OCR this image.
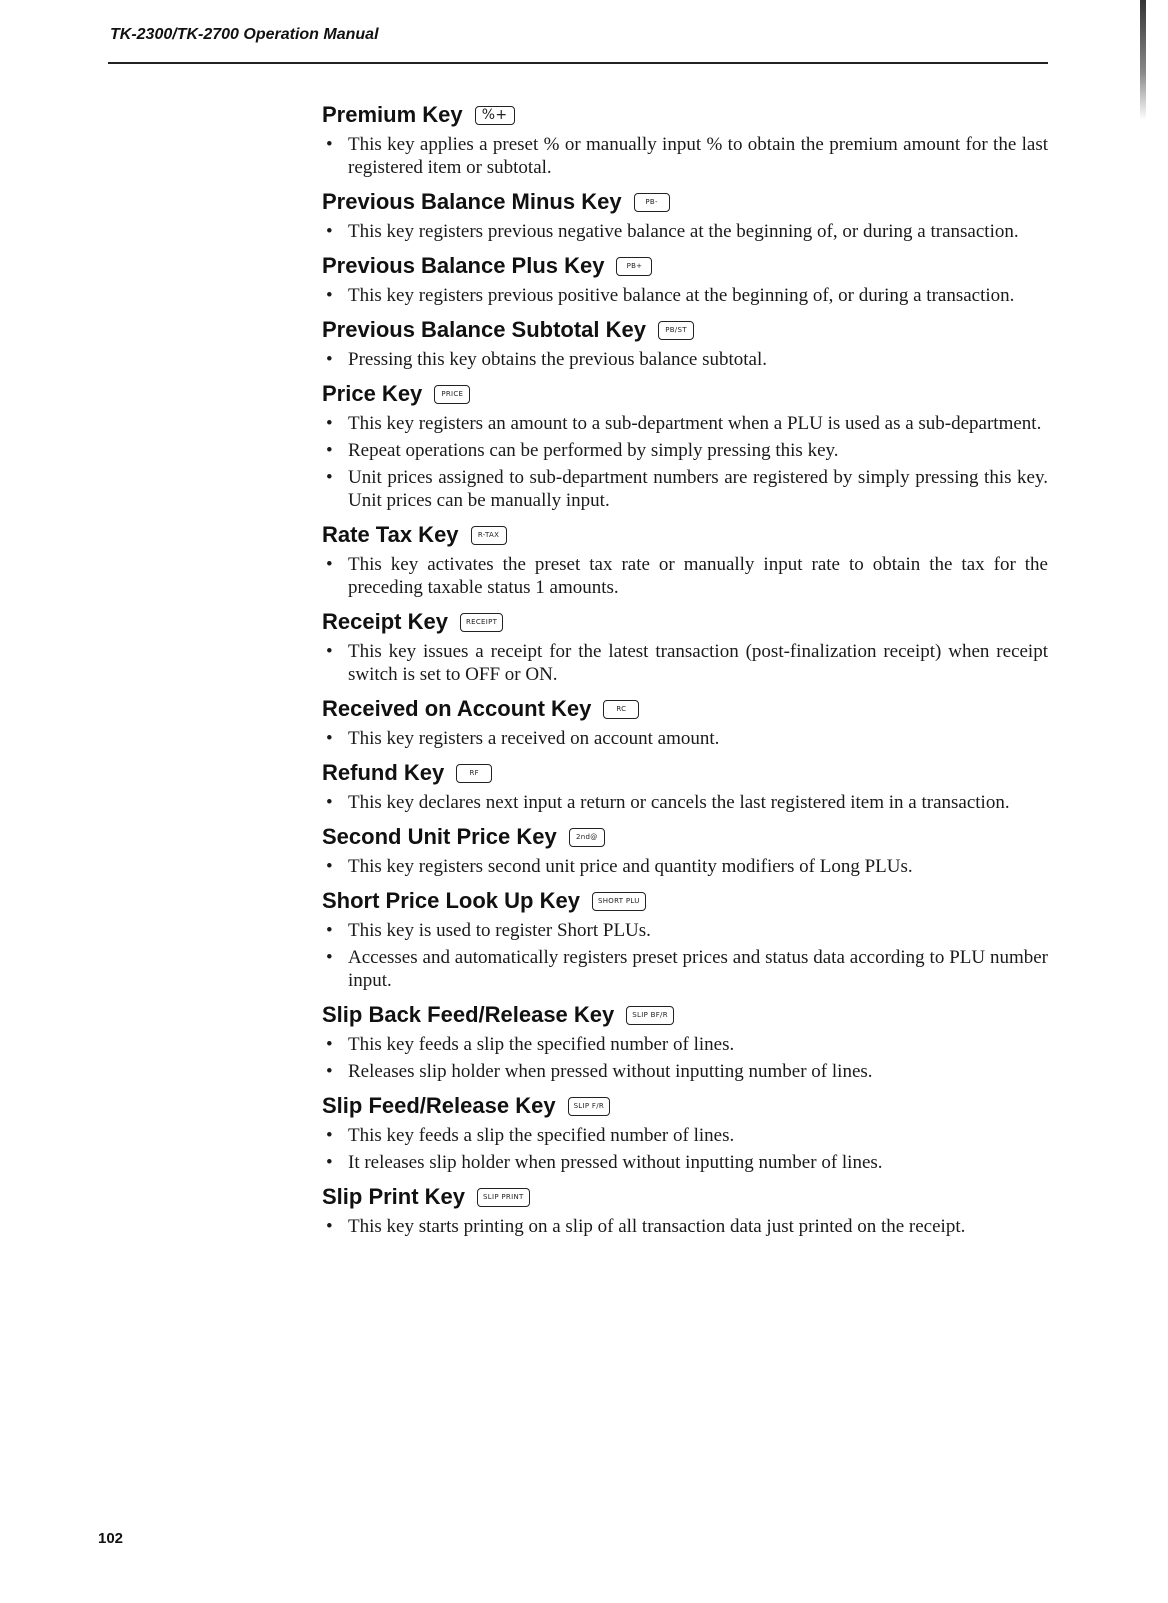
TK-2300/TK-2700 Operation Manual
Premium Key	%+
• This key applies a preset % or manually input % to obtain the premium amount for the last registered item or subtotal.
Previous Balance Minus Key	PB-
• This key registers previous negative balance at the beginning of, or during a transaction.
Previous Balance Plus Key	PB+
• This key registers previous positive balance at the beginning of, or during a transaction.
Previous Balance Subtotal Key	PB/ST
• Pressing this key obtains the previous balance subtotal.
Price Key	PRICE
• This key registers an amount to a sub-department when a PLU is used as a sub-department.
• Repeat operations can be performed by simply pressing this key.
• Unit prices assigned to sub-department numbers are registered by simply pressing this key. Unit prices can be manually input.
Rate Tax Key	R-TAX
• This key activates the preset tax rate or manually input rate to obtain the tax for the preceding taxable status 1 amounts.
Receipt Key	RECEIPT
• This key issues a receipt for the latest transaction (post-finalization receipt) when receipt switch is set to OFF or ON.
Received on Account Key	RC
• This key registers a received on account amount.
Refund Key	RF
• This key declares next input a return or cancels the last registered item in a transaction.
Second Unit Price Key	2nd@
• This key registers second unit price and quantity modifiers of Long PLUs.
Short Price Look Up Key	SHORT PLU
• This key is used to register Short PLUs.
• Accesses and automatically registers preset prices and status data according to PLU number input.
Slip Back Feed/Release Key	SLIP BF/R
• This key feeds a slip the specified number of lines.
• Releases slip holder when pressed without inputting number of lines.
Slip Feed/Release Key	SLIP F/R
• This key feeds a slip the specified number of lines.
• It releases slip holder when pressed without inputting number of lines.
Slip Print Key	SLIP PRINT
• This key starts printing on a slip of all transaction data just printed on the receipt.
102
